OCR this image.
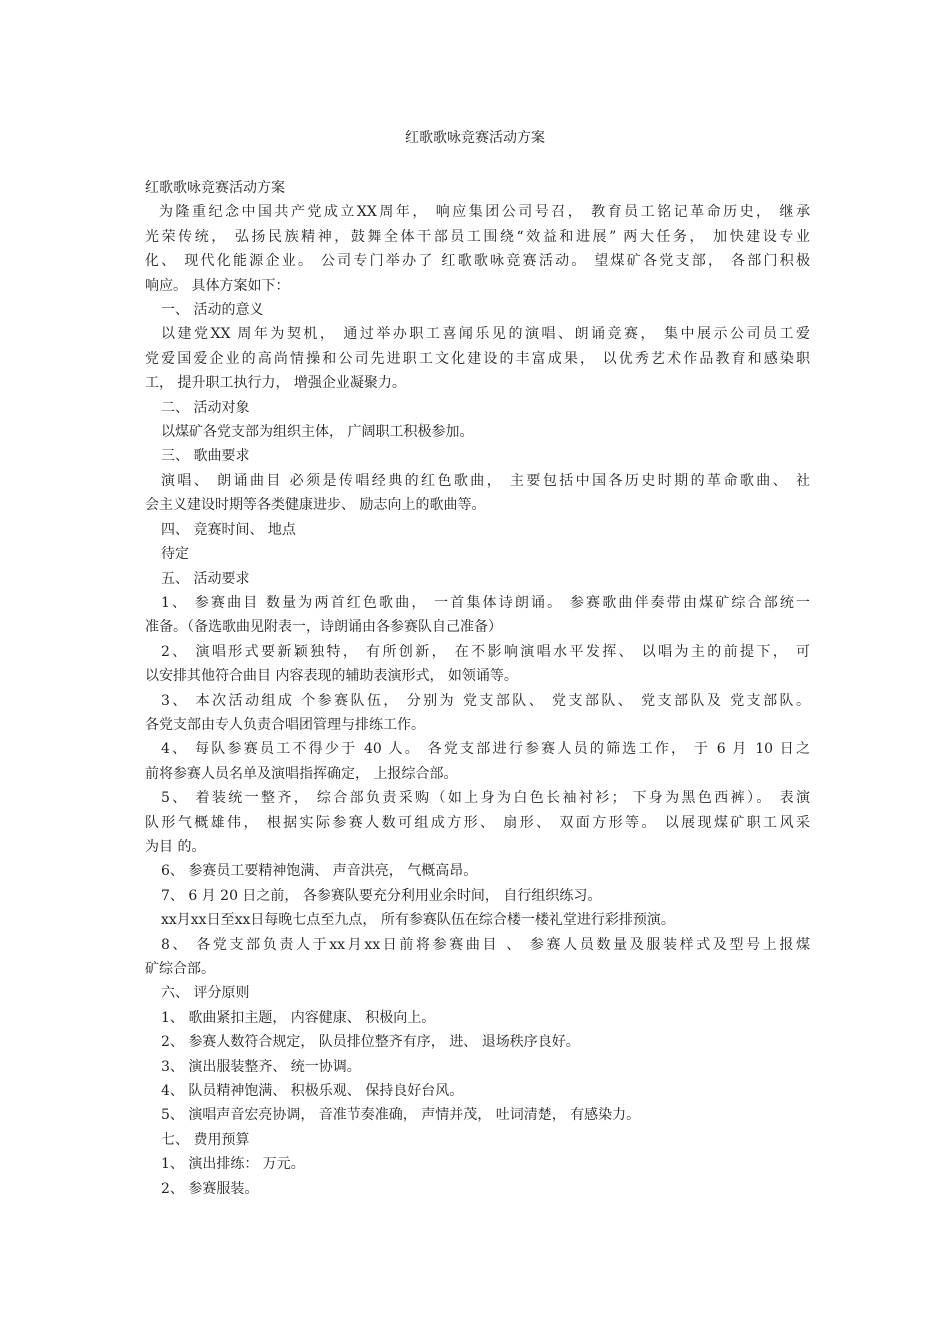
红歌歌咏竞赛活动方案
红歌歌咏竞赛活动方案
为隆重纪念中国共产党成立XX周年， 响应集团公司号召， 教育员工铭记革命历史， 继承
光荣传统， 弘扬民族精神，鼓舞全体干部员工围绕“效益和进展” 两大任务， 加快建设专业
化、 现代化能源企业。 公司专门举办了 红歌歌咏竞赛活动。 望煤矿各党支部， 各部门积极
响应。 具体方案如下：
一、 活动的意义
以建党XX 周年为契机， 通过举办职工喜闻乐见的演唱、朗诵竞赛， 集中展示公司员工爱
党爱国爱企业的高尚情操和公司先进职工文化建设的丰富成果， 以优秀艺术作品教育和感染职
工， 提升职工执行力， 增强企业凝聚力。
二、 活动对象
以煤矿各党支部为组织主体， 广阔职工积极参加。
三、 歌曲要求
演唱、 朗诵曲目 必须是传唱经典的红色歌曲， 主要包括中国各历史时期的革命歌曲、 社
会主义建设时期等各类健康进步、 励志向上的歌曲等。
四、 竞赛时间、 地点
待定
五、 活动要求
1、 参赛曲目 数量为两首红色歌曲， 一首集体诗朗诵。 参赛歌曲伴奏带由煤矿综合部统一
准备。（备选歌曲见附表一，诗朗诵由各参赛队自己准备）
2、 演唱形式要新颖独特， 有所创新， 在不影响演唱水平发挥、 以唱为主的前提下， 可
以安排其他符合曲目 内容表现的辅助表演形式， 如领诵等。
3、 本次活动组成 个参赛队伍， 分别为 党支部队、 党支部队、 党支部队及 党支部队。
各党支部由专人负责合唱团管理与排练工作。
4、 每队参赛员工不得少于 40 人。 各党支部进行参赛人员的筛选工作， 于 6 月 10 日之
前将参赛人员名单及演唱指挥确定， 上报综合部。
5、 着装统一整齐， 综合部负责采购（如上身为白色长袖衬衫； 下身为黑色西裤）。 表演
队形气概雄伟， 根据实际参赛人数可组成方形、 扇形、 双面方形等。 以展现煤矿职工风采
为目 的。
6、 参赛员工要精神饱满、 声音洪亮， 气概高昂。
7、 6 月 20 日之前， 各参赛队要充分利用业余时间， 自行组织练习。
xx月xx日至xx日每晚七点至九点， 所有参赛队伍在综合楼一楼礼堂进行彩排预演。
8、 各党支部负责人于xx月xx日前将参赛曲目 、 参赛人员数量及服装样式及型号上报煤
矿综合部。
六、 评分原则
1、 歌曲紧扣主题， 内容健康、 积极向上。
2、 参赛人数符合规定， 队员排位整齐有序， 进、 退场秩序良好。
3、 演出服装整齐、 统一协调。
4、 队员精神饱满、 积极乐观、 保持良好台风。
5、 演唱声音宏亮协调， 音准节奏准确， 声情并茂， 吐词清楚， 有感染力。
七、 费用预算
1、 演出排练： 万元。
2、 参赛服装。
